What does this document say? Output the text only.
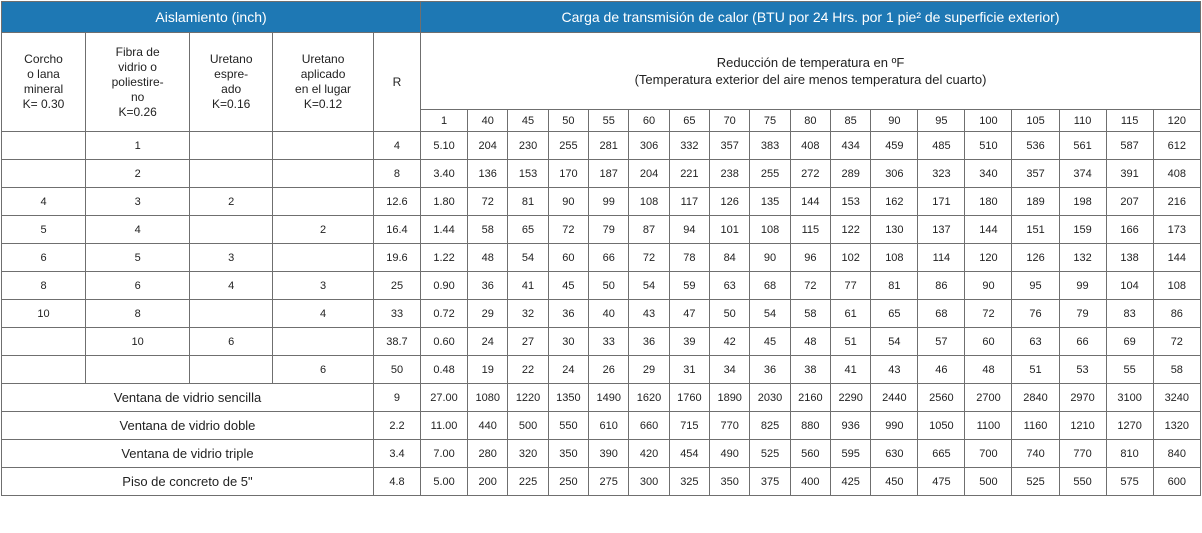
Aislamiento (inch)					Carga de transmisión de calor (BTU por 24 Hrs. por 1 pie² de superficie exterior)																	

Corcho
o lana
mineral
K= 0.30	Fibra de
vidrio o
poliestire-
no
K=0.26	Uretano
espre-
ado
K=0.16	Uretano
aplicado
en el lugar
K=0.12	R	Reducción de temperatura en ºF
(Temperatura exterior del aire menos temperatura del cuarto)																	

					1	40	45	50	55	60	65	70	75	80	85	90	95	100	105	110	115	120
	1			4	5.10	204	230	255	281	306	332	357	383	408	434	459	485	510	536	561	587	612
	2			8	3.40	136	153	170	187	204	221	238	255	272	289	306	323	340	357	374	391	408
4	3	2		12.6	1.80	72	81	90	99	108	117	126	135	144	153	162	171	180	189	198	207	216
5	4		2	16.4	1.44	58	65	72	79	87	94	101	108	115	122	130	137	144	151	159	166	173
6	5	3		19.6	1.22	48	54	60	66	72	78	84	90	96	102	108	114	120	126	132	138	144
8	6	4	3	25	0.90	36	41	45	50	54	59	63	68	72	77	81	86	90	95	99	104	108
10	8		4	33	0.72	29	32	36	40	43	47	50	54	58	61	65	68	72	76	79	83	86
	10	6		38.7	0.60	24	27	30	33	36	39	42	45	48	51	54	57	60	63	66	69	72
			6	50	0.48	19	22	24	26	29	31	34	36	38	41	43	46	48	51	53	55	58
Ventana de vidrio sencilla				9	27.00	1080	1220	1350	1490	1620	1760	1890	2030	2160	2290	2440	2560	2700	2840	2970	3100	3240
Ventana de vidrio doble				2.2	11.00	440	500	550	610	660	715	770	825	880	936	990	1050	1100	1160	1210	1270	1320
Ventana de vidrio triple				3.4	7.00	280	320	350	390	420	454	490	525	560	595	630	665	700	740	770	810	840
Piso de concreto de 5"				4.8	5.00	200	225	250	275	300	325	350	375	400	425	450	475	500	525	550	575	600
